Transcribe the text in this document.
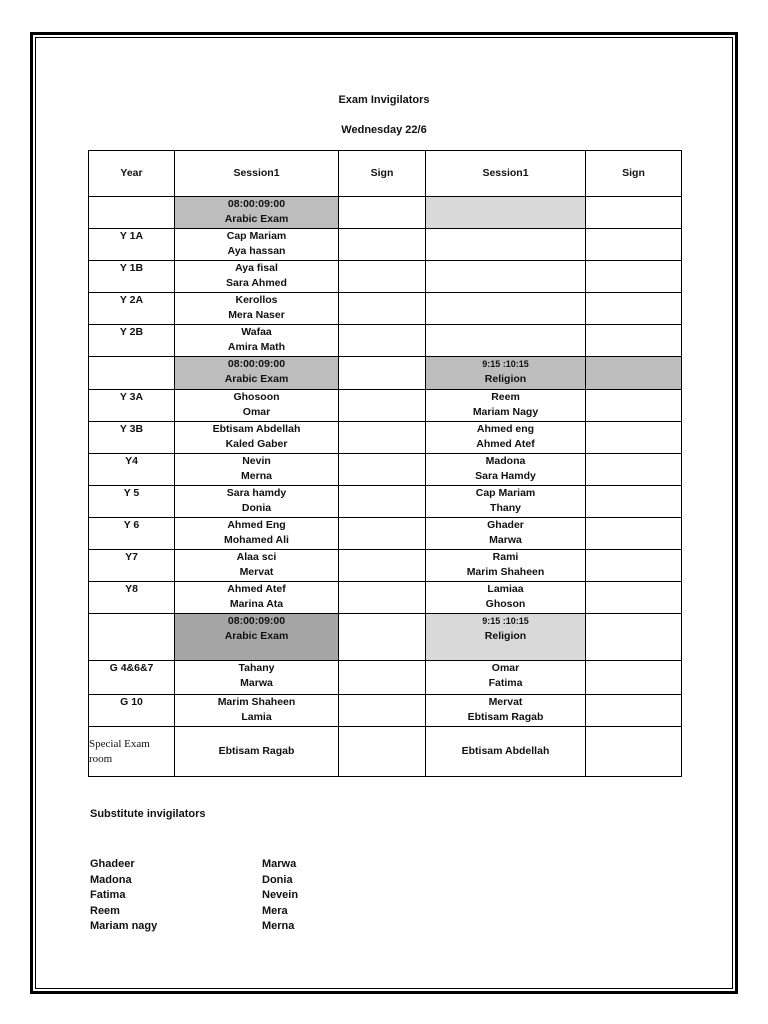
Exam Invigilators
Wednesday 22/6
Year	Session1	Sign	Session1	Sign

	08:00:09:00
Arabic Exam			

Y 1A	Cap Mariam
Aya hassan			

Y 1B	Aya fisal
Sara Ahmed			

Y 2A	Kerollos
Mera Naser			

Y 2B	Wafaa
Amira Math			

	08:00:09:00
Arabic Exam		9:15 :10:15
Religion	

Y 3A	Ghosoon
Omar		Reem
Mariam Nagy	

Y 3B	Ebtisam Abdellah
Kaled Gaber		Ahmed eng
Ahmed Atef	

Y4	Nevin
Merna		Madona
Sara Hamdy	

Y 5	Sara hamdy
Donia		Cap Mariam
Thany	

Y 6	Ahmed Eng
Mohamed Ali		Ghader
Marwa	

Y7	Alaa sci
Mervat		Rami
Marim Shaheen	

Y8	Ahmed Atef
Marina Ata		Lamiaa
Ghoson	

	08:00:09:00
Arabic Exam		9:15 :10:15
Religion	

G 4&6&7	Tahany
Marwa		Omar
Fatima	

G 10	Marim Shaheen
Lamia		Mervat
Ebtisam Ragab	

Special Exam room	Ebtisam Ragab		Ebtisam Abdellah	

Substitute invigilators
Ghadeer
Madona
Fatima
Reem
Mariam nagy
Marwa
Donia
Nevein
Mera
Merna
